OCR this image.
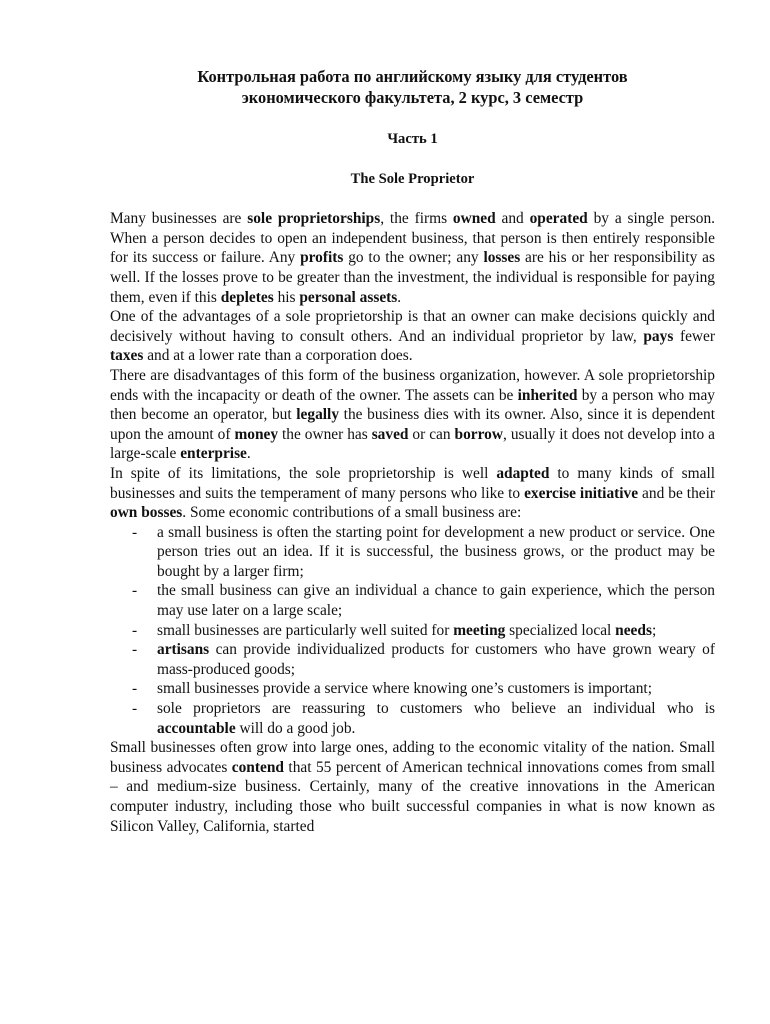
Контрольная работа по английскому языку для студентов
экономического факультета, 2 курс, 3 семестр

Часть 1

The Sole Proprietor

Many businesses are sole proprietorships, the firms owned and operated by a single person. When a person decides to open an independent business, that person is then entirely responsible for its success or failure. Any profits go to the owner; any losses are his or her responsibility as well. If the losses prove to be greater than the investment, the individual is responsible for paying them, even if this depletes his personal assets.

One of the advantages of a sole proprietorship is that an owner can make decisions quickly and decisively without having to consult others. And an individual proprietor by law, pays fewer taxes and at a lower rate than a corporation does.

There are disadvantages of this form of the business organization, however. A sole proprietorship ends with the incapacity or death of the owner. The assets can be inherited by a person who may then become an operator, but legally the business dies with its owner. Also, since it is dependent upon the amount of money the owner has saved or can borrow, usually it does not develop into a large-scale enterprise.

In spite of its limitations, the sole proprietorship is well adapted to many kinds of small businesses and suits the temperament of many persons who like to exercise initiative and be their own bosses. Some economic contributions of a small business are:

- a small business is often the starting point for development a new product or service. One person tries out an idea. If it is successful, the business grows, or the product may be bought by a larger firm;
- the small business can give an individual a chance to gain experience, which the person may use later on a large scale;
- small businesses are particularly well suited for meeting specialized local needs;
- artisans can provide individualized products for customers who have grown weary of mass-produced goods;
- small businesses provide a service where knowing one’s customers is important;
- sole proprietors are reassuring to customers who believe an individual who is accountable will do a good job.

Small businesses often grow into large ones, adding to the economic vitality of the nation. Small business advocates contend that 55 percent of American technical innovations comes from small – and medium-size business. Certainly, many of the creative innovations in the American computer industry, including those who built successful companies in what is now known as Silicon Valley, California, started
